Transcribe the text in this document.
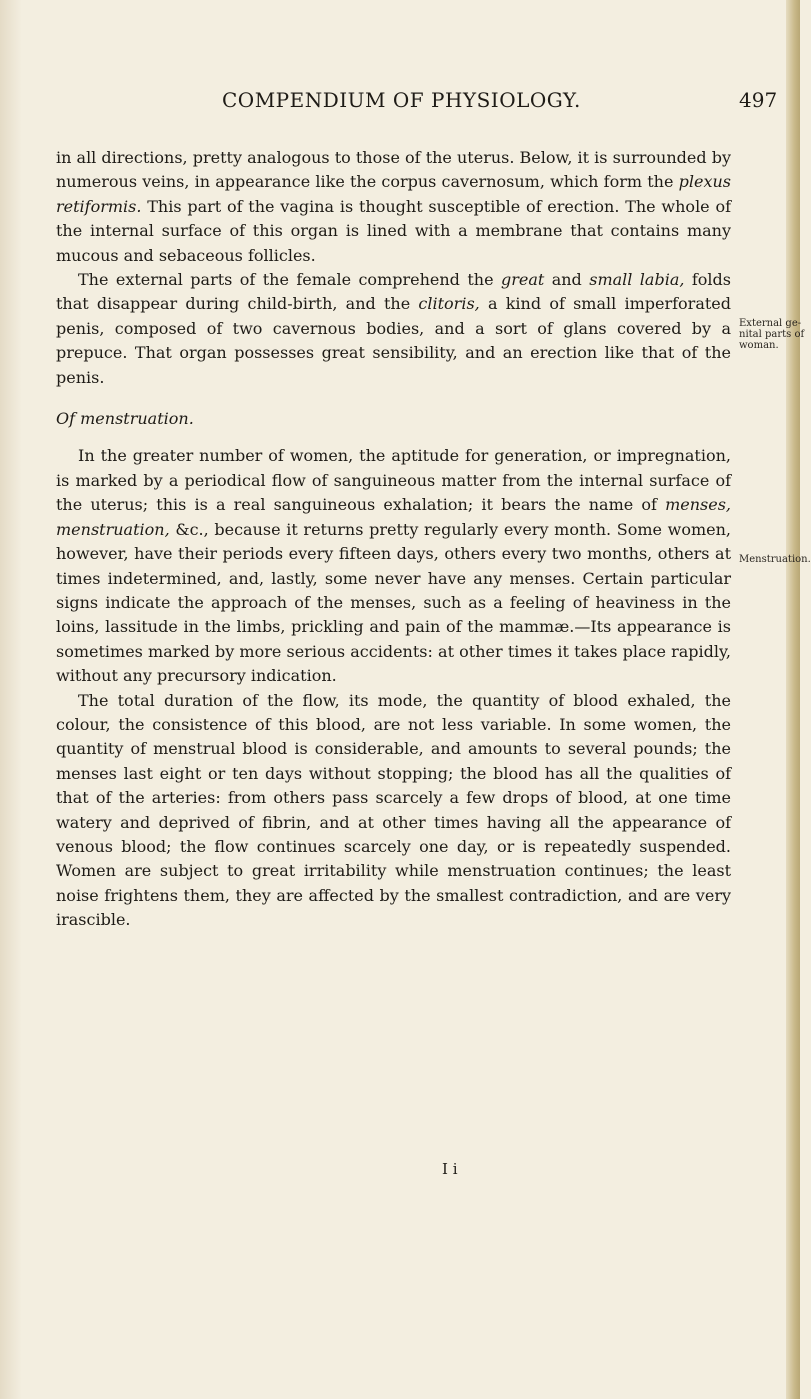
COMPENDIUM OF PHYSIOLOGY.	497

in all directions, pretty analogous to those of the uterus. Below, it is surrounded by numerous veins, in appearance like the corpus cavernosum, which form the plexus retiformis. This part of the vagina is thought susceptible of erection. The whole of the internal surface of this organ is lined with a membrane that contains many mucous and sebaceous follicles.

The external parts of the female comprehend the great and small labia, folds that disappear during child-birth, and the clitoris, a kind of small imperforated penis, composed of two cavernous bodies, and a sort of glans covered by a prepuce. That organ possesses great sensibility, and an erection like that of the penis.

Of menstruation.

In the greater number of women, the aptitude for generation, or impregnation, is marked by a periodical flow of sanguineous matter from the internal surface of the uterus; this is a real sanguineous exhalation; it bears the name of menses, menstruation, &c., because it returns pretty regularly every month. Some women, however, have their periods every fifteen days, others every two months, others at times indetermined, and, lastly, some never have any menses. Certain particular signs indicate the approach of the menses, such as a feeling of heaviness in the loins, lassitude in the limbs, prickling and pain of the mammæ.—Its appearance is sometimes marked by more serious accidents: at other times it takes place rapidly, without any precursory indication.

The total duration of the flow, its mode, the quantity of blood exhaled, the colour, the consistence of this blood, are not less variable. In some women, the quantity of menstrual blood is considerable, and amounts to several pounds; the menses last eight or ten days without stopping; the blood has all the qualities of that of the arteries: from others pass scarcely a few drops of blood, at one time watery and deprived of fibrin, and at other times having all the appearance of venous blood; the flow continues scarcely one day, or is repeatedly suspended. Women are subject to great irritability while menstruation continues; the least noise frightens them, they are affected by the smallest contradiction, and are very irascible.

External ge-
nital parts of
woman.
Menstruation.
I i
